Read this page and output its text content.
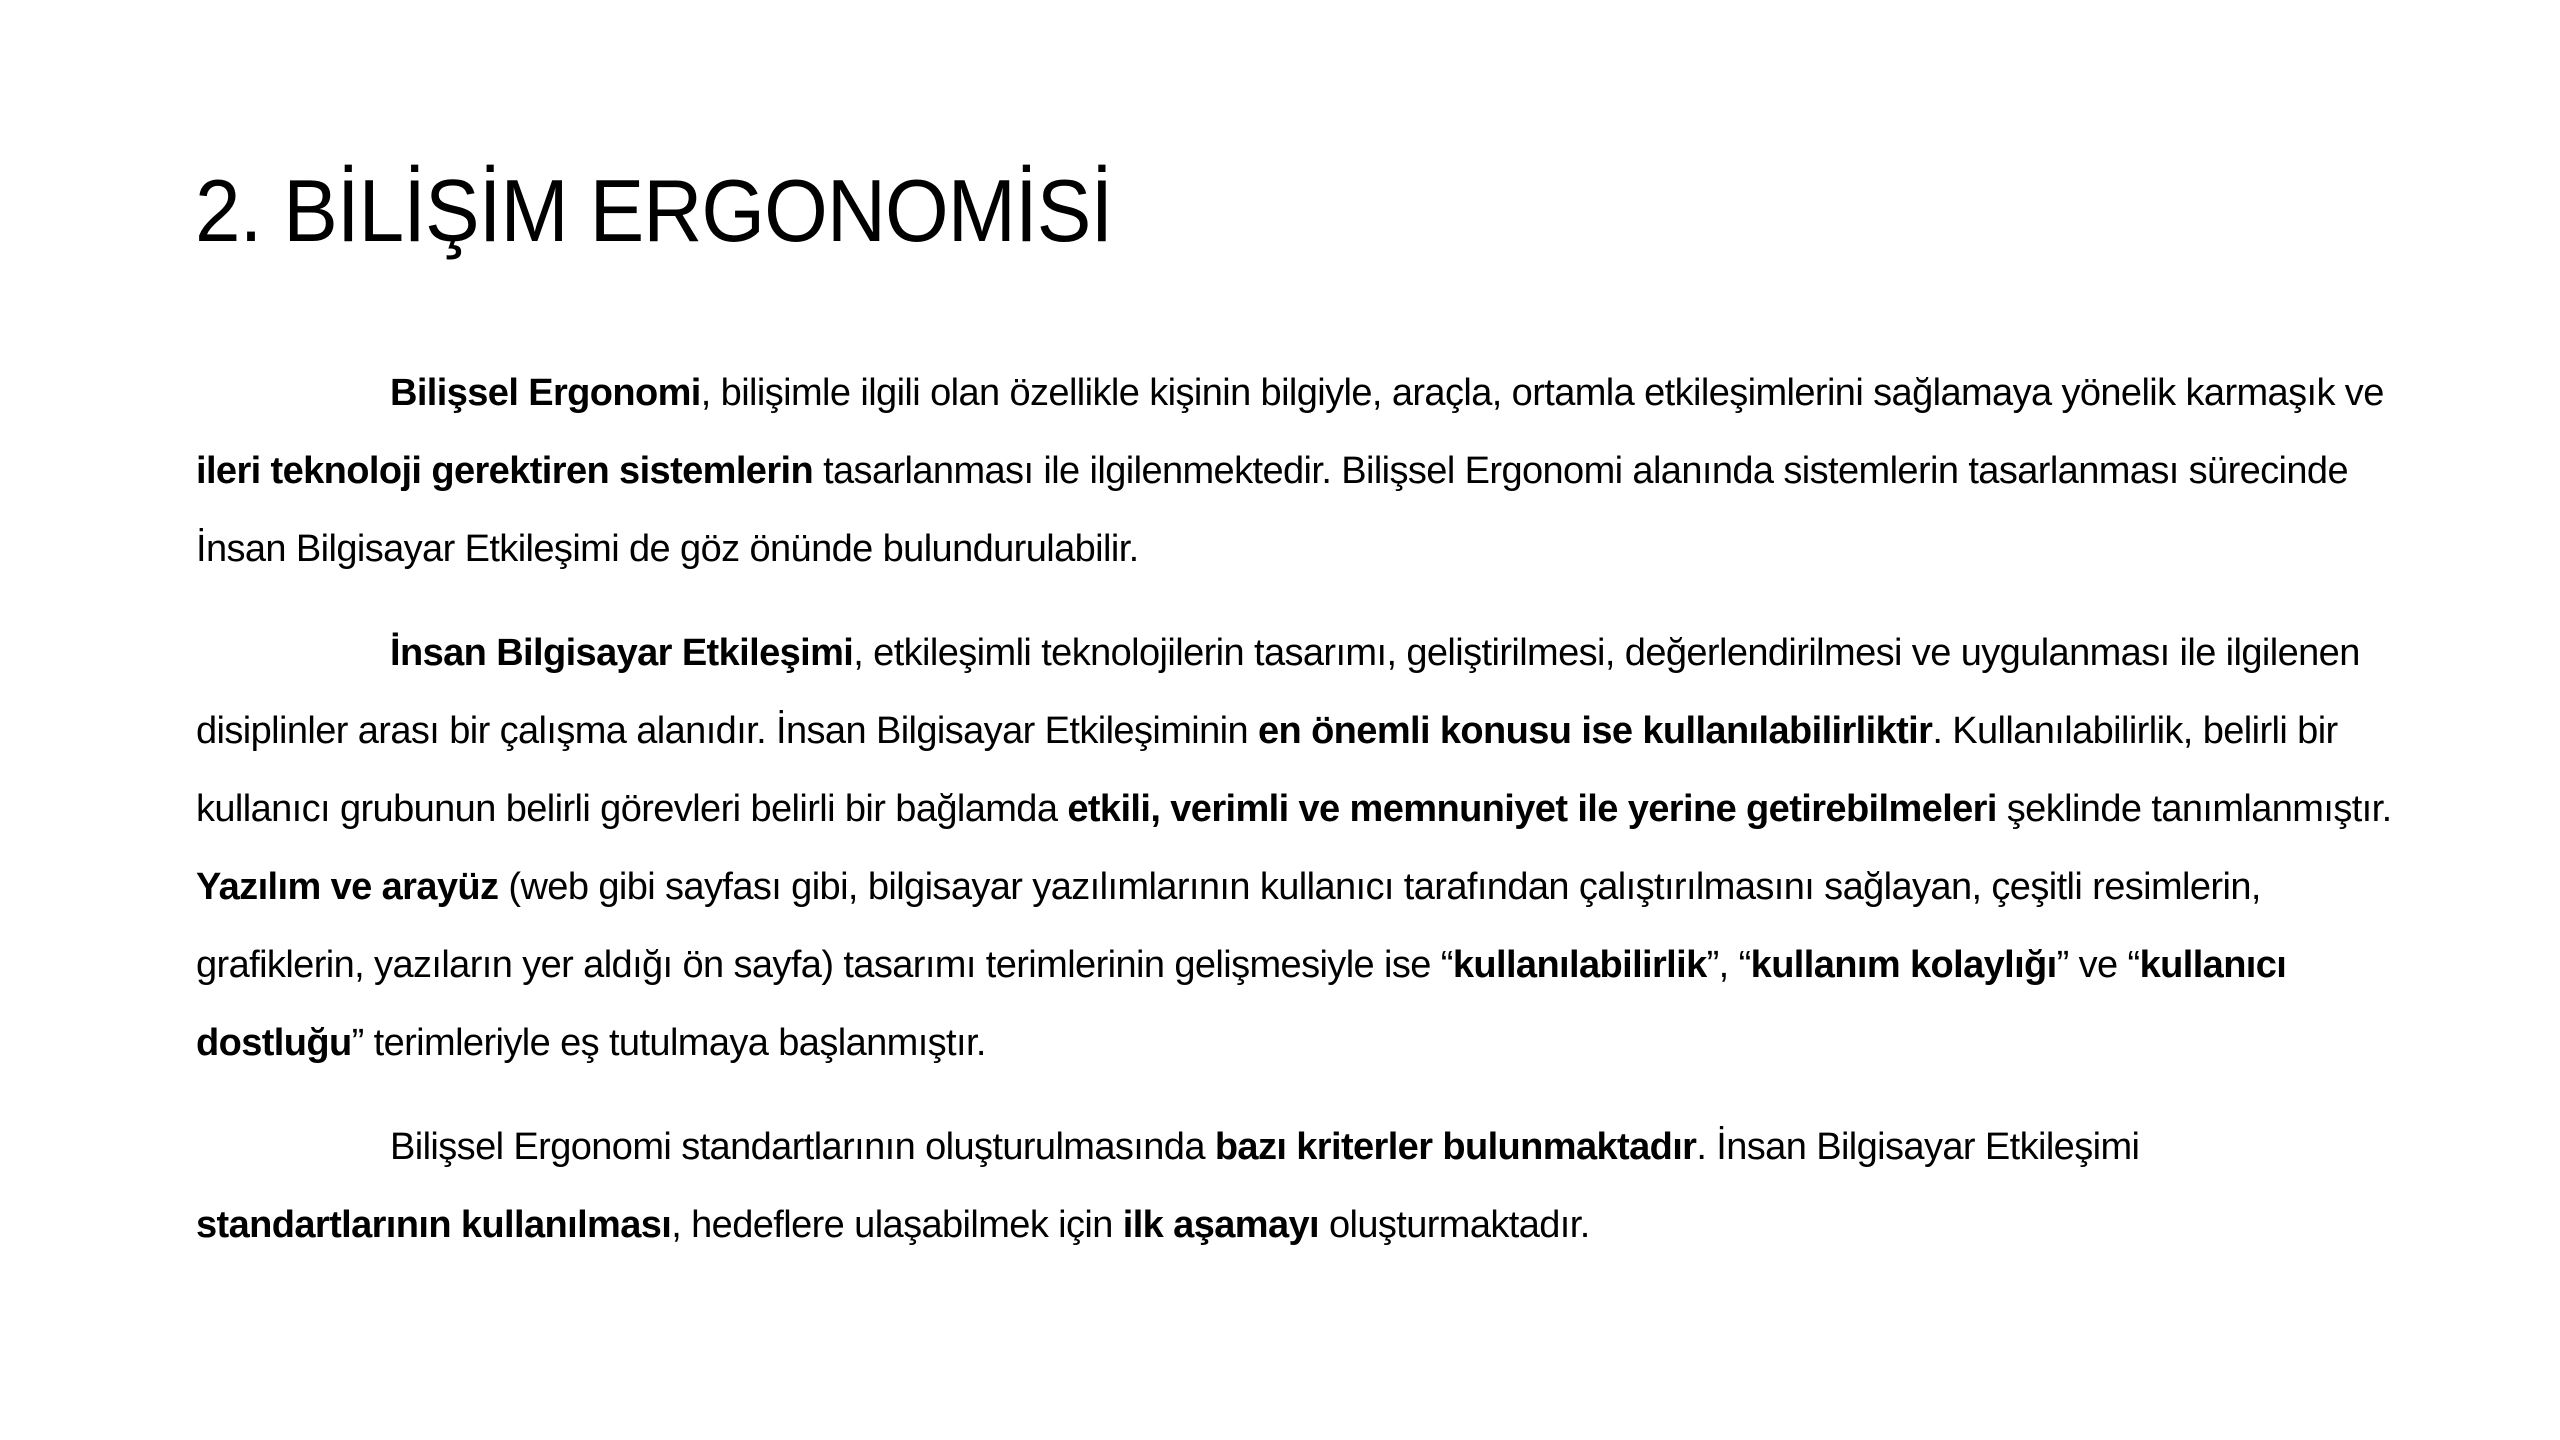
2. BİLİŞİM ERGONOMİSİ

Bilişsel Ergonomi, bilişimle ilgili olan özellikle kişinin bilgiyle, araçla, ortamla etkileşimlerini sağlamaya yönelik karmaşık ve ileri teknoloji gerektiren sistemlerin tasarlanması ile ilgilenmektedir. Bilişsel Ergonomi alanında sistemlerin tasarlanması sürecinde İnsan Bilgisayar Etkileşimi de göz önünde bulundurulabilir.

İnsan Bilgisayar Etkileşimi, etkileşimli teknolojilerin tasarımı, geliştirilmesi, değerlendirilmesi ve uygulanması ile ilgilenen disiplinler arası bir çalışma alanıdır. İnsan Bilgisayar Etkileşiminin en önemli konusu ise kullanılabilirliktir. Kullanılabilirlik, belirli bir kullanıcı grubunun belirli görevleri belirli bir bağlamda etkili, verimli ve memnuniyet ile yerine getirebilmeleri şeklinde tanımlanmıştır. Yazılım ve arayüz (web gibi sayfası gibi, bilgisayar yazılımlarının kullanıcı tarafından çalıştırılmasını sağlayan, çeşitli resimlerin, grafiklerin, yazıların yer aldığı ön sayfa) tasarımı terimlerinin gelişmesiyle ise “kullanılabilirlik”, “kullanım kolaylığı” ve “kullanıcı dostluğu” terimleriyle eş tutulmaya başlanmıştır.

Bilişsel Ergonomi standartlarının oluşturulmasında bazı kriterler bulunmaktadır. İnsan Bilgisayar Etkileşimi standartlarının kullanılması, hedeflere ulaşabilmek için ilk aşamayı oluşturmaktadır.
